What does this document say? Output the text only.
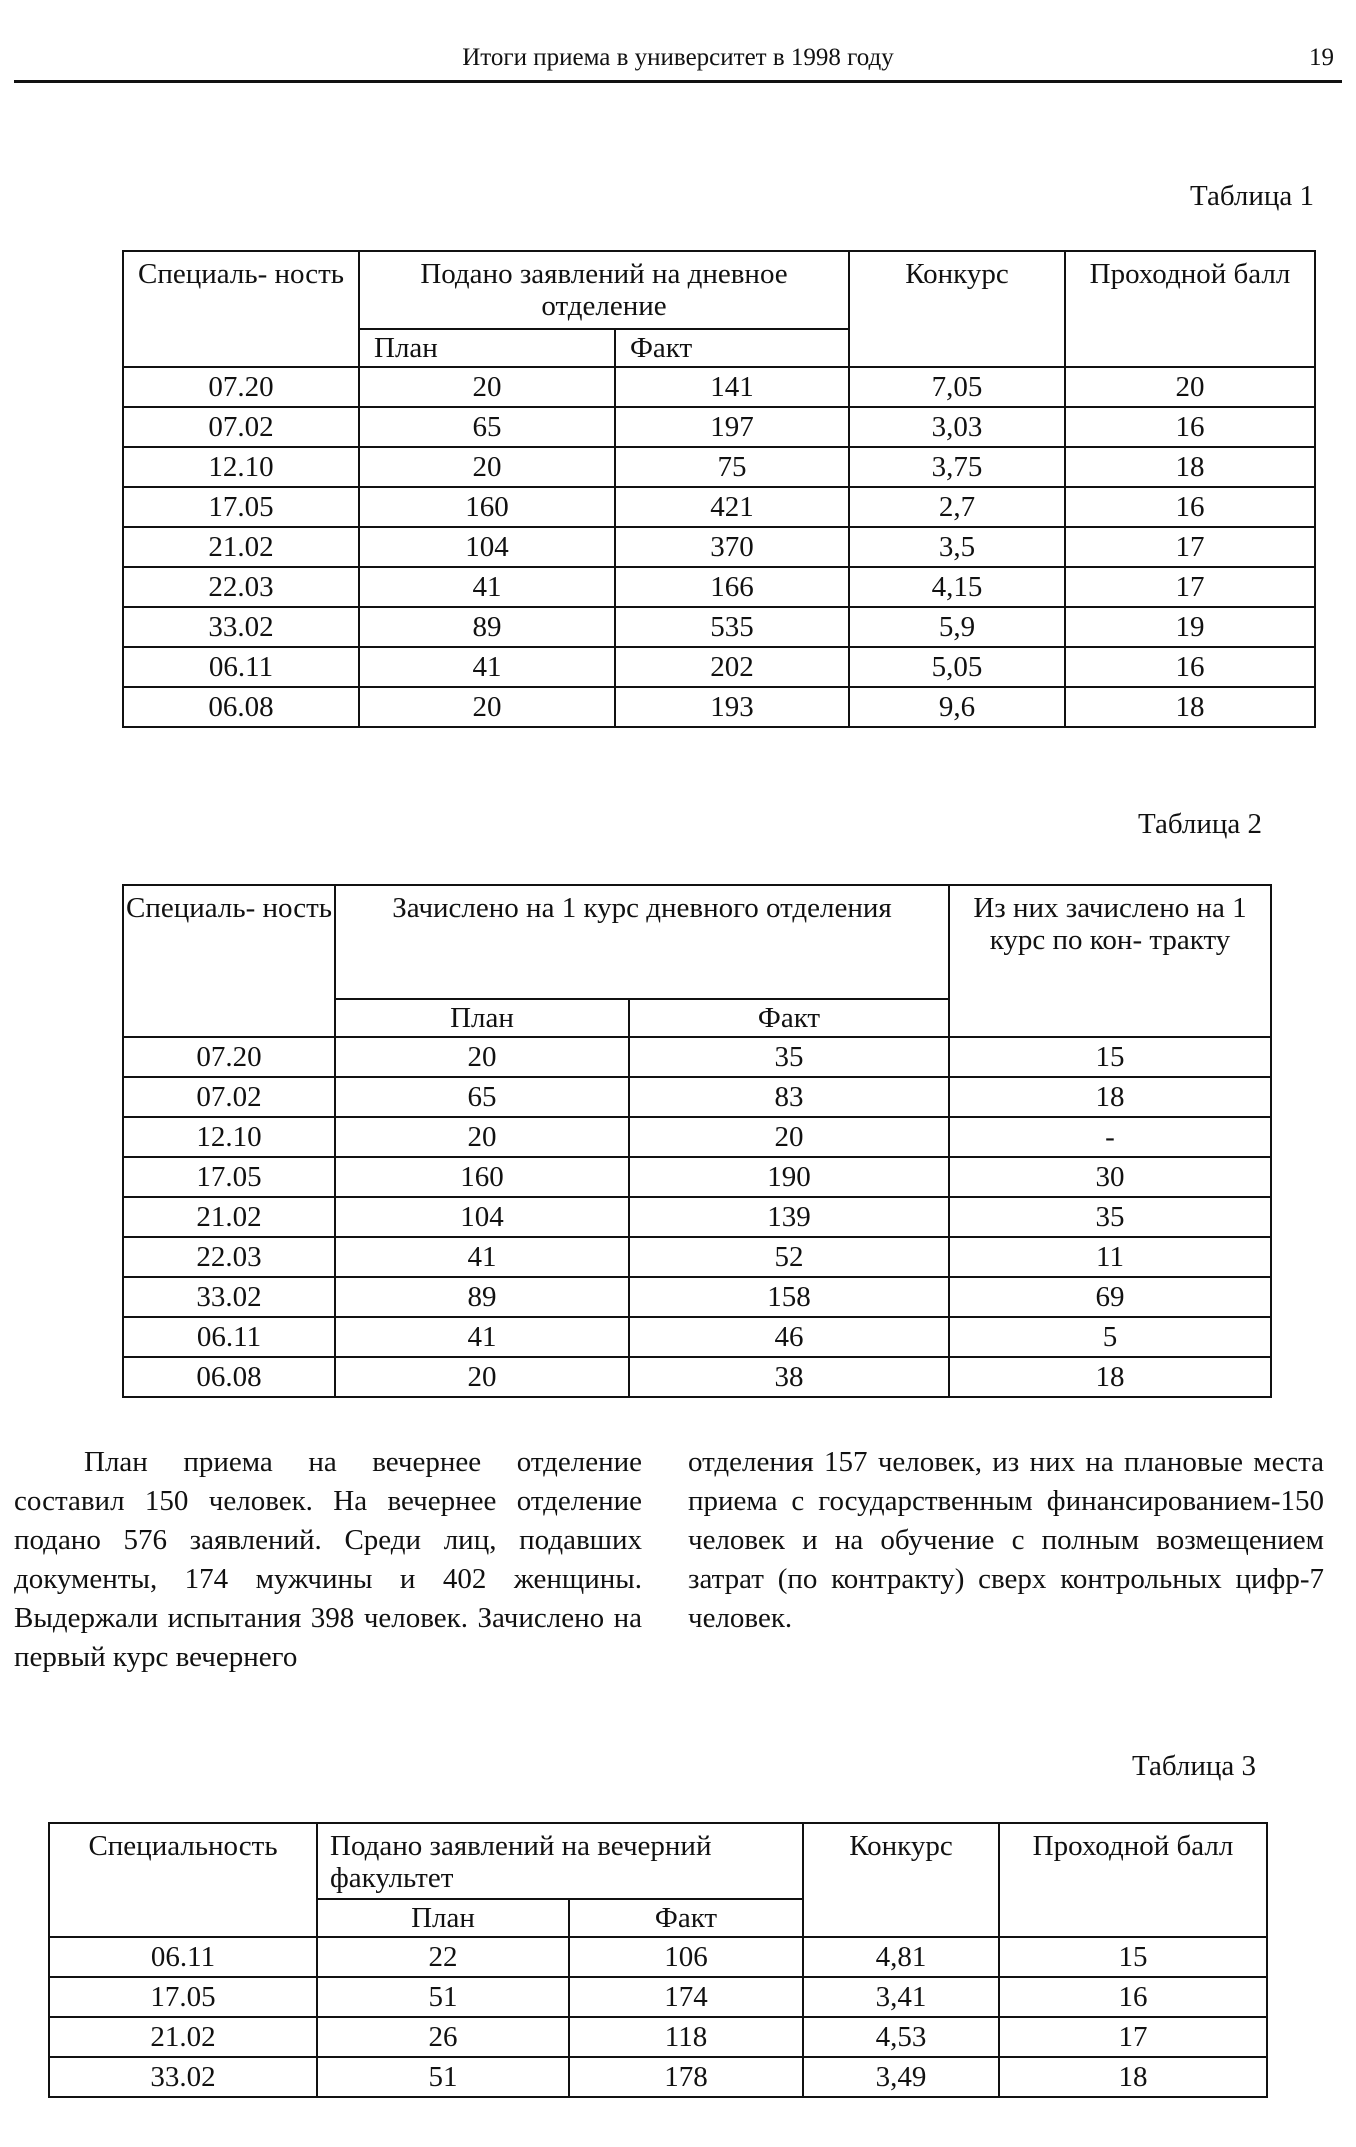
Итоги приема в университет в 1998 году	19
Таблица 1
Специаль- ность	Подано заявлений на дневное отделение		Конкурс	Проходной балл
	План	Факт		
07.20	20	141	7,05	20
07.02	65	197	3,03	16
12.10	20	75	3,75	18
17.05	160	421	2,7	16
21.02	104	370	3,5	17
22.03	41	166	4,15	17
33.02	89	535	5,9	19
06.11	41	202	5,05	16
06.08	20	193	9,6	18
Таблица 2
Специаль- ность	Зачислено на 1 курс дневного отделения		Из них зачислено на 1 курс по кон- тракту
	План	Факт	
07.20	20	35	15
07.02	65	83	18
12.10	20	20	-
17.05	160	190	30
21.02	104	139	35
22.03	41	52	11
33.02	89	158	69
06.11	41	46	5
06.08	20	38	18

План приема на вечернее отделение составил 150 человек. На вечернее отделение подано 576 заявлений. Среди лиц, подавших документы, 174 мужчины и 402 женщины. Выдержали испытания 398 человек. Зачислено на первый курс вечернего

отделения 157 человек, из них на плановые места приема с государственным финансированием-150 человек и на обучение с полным возмещением затрат (по контракту) сверх контрольных цифр-7 человек.

Таблица 3
Специальность	Подано заявлений на вечерний факультет		Конкурс	Проходной балл
	План	Факт		
06.11	22	106	4,81	15
17.05	51	174	3,41	16
21.02	26	118	4,53	17
33.02	51	178	3,49	18
